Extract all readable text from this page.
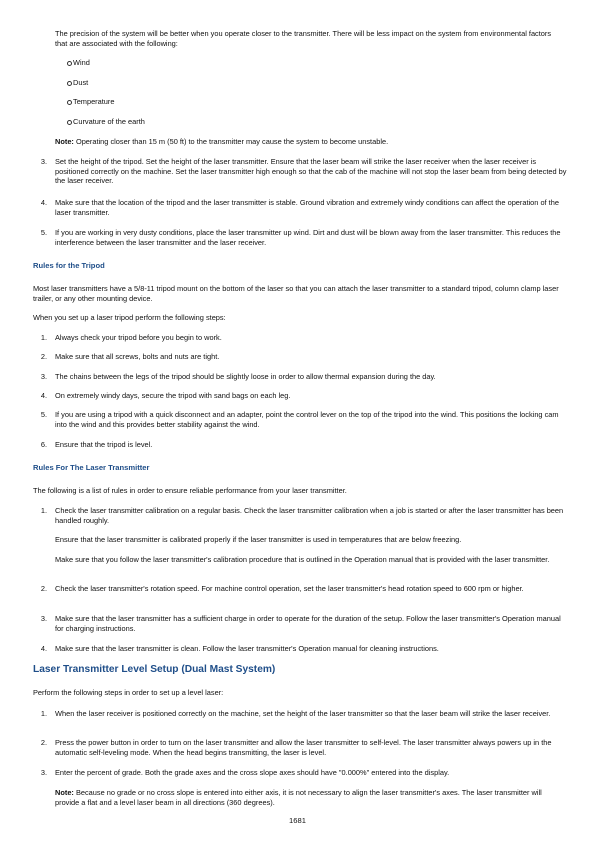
The precision of the system will be better when you operate closer to the transmitter. There will be less impact on the system from environmental factors that are associated with the following:

Wind
Dust
Temperature
Curvature of the earth

Note: Operating closer than 15 m (50 ft) to the transmitter may cause the system to become unstable.

3. Set the height of the tripod. Set the height of the laser transmitter. Ensure that the laser beam will strike the laser receiver when the laser receiver is positioned correctly on the machine. Set the laser transmitter high enough so that the cab of the machine will not stop the laser beam from being detected by the laser receiver.

4. Make sure that the location of the tripod and the laser transmitter is stable. Ground vibration and extremely windy conditions can affect the operation of the laser transmitter.

5. If you are working in very dusty conditions, place the laser transmitter up wind. Dirt and dust will be blown away from the laser transmitter. This reduces the interference between the laser transmitter and the laser receiver.

Rules for the Tripod

Most laser transmitters have a 5/8-11 tripod mount on the bottom of the laser so that you can attach the laser transmitter to a standard tripod, column clamp laser trailer, or any other mounting device.

When you set up a laser tripod perform the following steps:

1. Always check your tripod before you begin to work.

2. Make sure that all screws, bolts and nuts are tight.

3. The chains between the legs of the tripod should be slightly loose in order to allow thermal expansion during the day.

4. On extremely windy days, secure the tripod with sand bags on each leg.

5. If you are using a tripod with a quick disconnect and an adapter, point the control lever on the top of the tripod into the wind. This positions the locking cam into the wind and this provides better stability against the wind.

6. Ensure that the tripod is level.

Rules For The Laser Transmitter

The following is a list of rules in order to ensure reliable performance from your laser transmitter.

1. Check the laser transmitter calibration on a regular basis. Check the laser transmitter calibration when a job is started or after the laser transmitter has been handled roughly.

Ensure that the laser transmitter is calibrated properly if the laser transmitter is used in temperatures that are below freezing.

Make sure that you follow the laser transmitter's calibration procedure that is outlined in the Operation manual that is provided with the laser transmitter.

2. Check the laser transmitter's rotation speed. For machine control operation, set the laser transmitter's head rotation speed to 600 rpm or higher.

3. Make sure that the laser transmitter has a sufficient charge in order to operate for the duration of the setup. Follow the laser transmitter's Operation manual for charging instructions.

4. Make sure that the laser transmitter is clean. Follow the laser transmitter's Operation manual for cleaning instructions.

Laser Transmitter Level Setup (Dual Mast System)

Perform the following steps in order to set up a level laser:

1. When the laser receiver is positioned correctly on the machine, set the height of the laser transmitter so that the laser beam will strike the laser receiver.

2. Press the power button in order to turn on the laser transmitter and allow the laser transmitter to self-level. The laser transmitter always powers up in the automatic self-leveling mode. When the head begins transmitting, the laser is level.

3. Enter the percent of grade. Both the grade axes and the cross slope axes should have "0.000%" entered into the display.

Note: Because no grade or no cross slope is entered into either axis, it is not necessary to align the laser transmitter's axes. The laser transmitter will provide a flat and a level laser beam in all directions (360 degrees).

1681
